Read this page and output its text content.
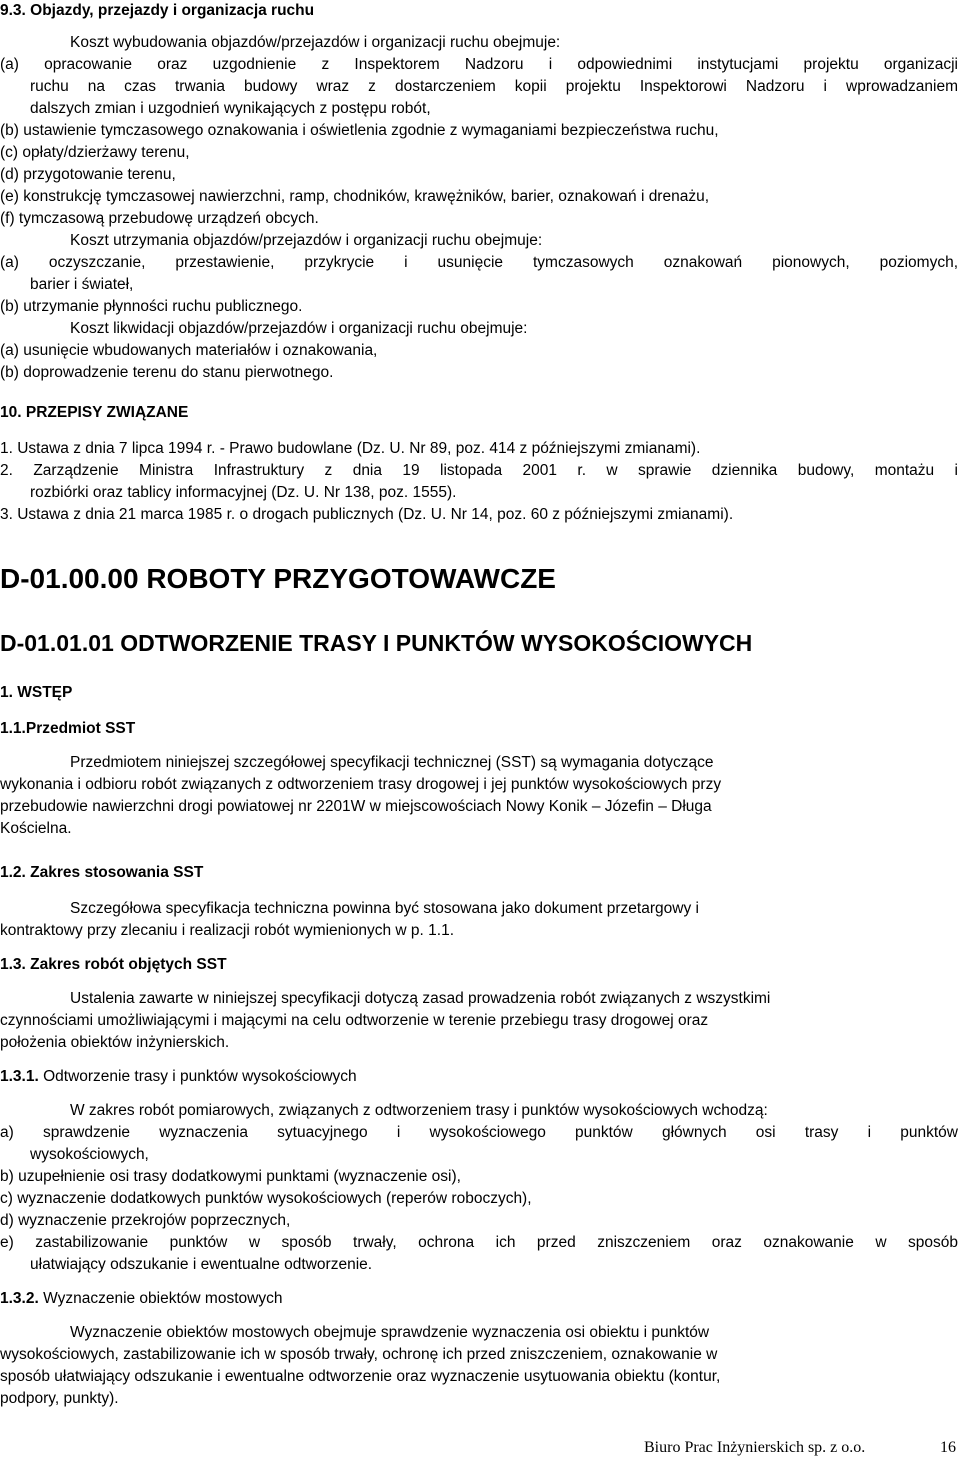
9.3. Objazdy, przejazdy i organizacja ruchu
Koszt wybudowania objazdów/przejazdów i organizacji ruchu obejmuje:
(a) opracowanie oraz uzgodnienie z Inspektorem Nadzoru i odpowiednimi instytucjami projektu organizacji
ruchu na czas trwania budowy wraz z dostarczeniem kopii projektu Inspektorowi Nadzoru i wprowadzaniem
dalszych zmian i uzgodnień wynikających z postępu robót,
(b) ustawienie tymczasowego oznakowania i oświetlenia zgodnie z wymaganiami bezpieczeństwa ruchu,
(c) opłaty/dzierżawy terenu,
(d) przygotowanie terenu,
(e) konstrukcję tymczasowej nawierzchni, ramp, chodników, krawężników, barier, oznakowań i drenażu,
(f) tymczasową przebudowę urządzeń obcych.
Koszt utrzymania objazdów/przejazdów i organizacji ruchu obejmuje:
(a) oczyszczanie, przestawienie, przykrycie i usunięcie tymczasowych oznakowań pionowych, poziomych,
barier i świateł,
(b) utrzymanie płynności ruchu publicznego.
Koszt likwidacji objazdów/przejazdów i organizacji ruchu obejmuje:
(a) usunięcie wbudowanych materiałów i oznakowania,
(b) doprowadzenie terenu do stanu pierwotnego.
10. PRZEPISY ZWIĄZANE
1. Ustawa z dnia 7 lipca 1994 r. - Prawo budowlane (Dz. U. Nr 89, poz. 414 z późniejszymi zmianami).
2. Zarządzenie Ministra Infrastruktury z dnia 19 listopada 2001 r. w sprawie dziennika budowy, montażu i
rozbiórki oraz tablicy informacyjnej (Dz. U. Nr 138, poz. 1555).
3. Ustawa z dnia 21 marca 1985 r. o drogach publicznych (Dz. U. Nr 14, poz. 60 z późniejszymi zmianami).
D-01.00.00 ROBOTY PRZYGOTOWAWCZE
D-01.01.01 ODTWORZENIE TRASY I PUNKTÓW WYSOKOŚCIOWYCH
1. WSTĘP
1.1.Przedmiot SST
Przedmiotem niniejszej szczegółowej specyfikacji technicznej (SST) są wymagania dotyczące
wykonania i odbioru robót związanych z odtworzeniem trasy drogowej i jej punktów wysokościowych przy
przebudowie nawierzchni drogi powiatowej nr 2201W w miejscowościach Nowy Konik – Józefin – Długa
Kościelna.
1.2. Zakres stosowania SST
Szczegółowa specyfikacja techniczna powinna być stosowana jako dokument przetargowy i
kontraktowy przy zlecaniu i realizacji robót wymienionych w p. 1.1.
1.3. Zakres robót objętych SST
Ustalenia zawarte w niniejszej specyfikacji dotyczą zasad prowadzenia robót związanych z wszystkimi
czynnościami umożliwiającymi i mającymi na celu odtworzenie w terenie przebiegu trasy drogowej oraz
położenia obiektów inżynierskich.
1.3.1. Odtworzenie trasy i punktów wysokościowych
W zakres robót pomiarowych, związanych z odtworzeniem trasy i punktów wysokościowych wchodzą:
a) sprawdzenie wyznaczenia sytuacyjnego i wysokościowego punktów głównych osi trasy i punktów
wysokościowych,
b) uzupełnienie osi trasy dodatkowymi punktami (wyznaczenie osi),
c) wyznaczenie dodatkowych punktów wysokościowych (reperów roboczych),
d) wyznaczenie przekrojów poprzecznych,
e) zastabilizowanie punktów w sposób trwały, ochrona ich przed zniszczeniem oraz oznakowanie w sposób
ułatwiający odszukanie i ewentualne odtworzenie.
1.3.2. Wyznaczenie obiektów mostowych
Wyznaczenie obiektów mostowych obejmuje sprawdzenie wyznaczenia osi obiektu i punktów
wysokościowych, zastabilizowanie ich w sposób trwały, ochronę ich przed zniszczeniem, oznakowanie w
sposób ułatwiający odszukanie i ewentualne odtworzenie oraz wyznaczenie usytuowania obiektu (kontur,
podpory, punkty).
Biuro Prac Inżynierskich sp. z o.o.	16
